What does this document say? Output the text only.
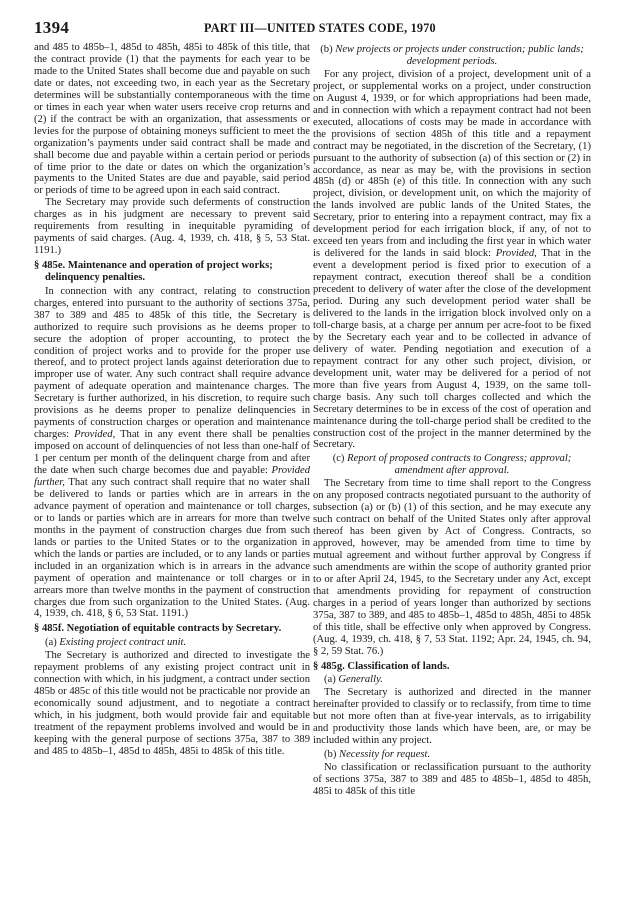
1394	PART III—UNITED STATES CODE, 1970

and 485 to 485b–1, 485d to 485h, 485i to 485k of this title, that the contract provide (1) that the payments for each year to be made to the United States shall become due and payable on such date or dates, not exceeding two, in each year as the Secretary determines will be substantially contemporaneous with the time or times in each year when water users receive crop returns and (2) if the contract be with an organization, that assessments or levies for the purpose of obtaining moneys sufficient to meet the organization’s payments under said contract shall be made and shall become due and payable within a certain period or periods of time prior to the date or dates on which the organization’s payments to the United States are due and payable, said period or periods of time to be agreed upon in each said contract.

The Secretary may provide such deferments of construction charges as in his judgment are necessary to prevent said requirements from resulting in inequitable pyramiding of payments of said charges. (Aug. 4, 1939, ch. 418, § 5, 53 Stat. 1191.)

§ 485e. Maintenance and operation of project works; delinquency penalties.

In connection with any contract, relating to construction charges, entered into pursuant to the authority of sections 375a, 387 to 389 and 485 to 485k of this title, the Secretary is authorized to require such provisions as he deems proper to secure the adoption of proper accounting, to protect the condition of project works and to provide for the proper use thereof, and to protect project lands against deterioration due to improper use of water. Any such contract shall require advance payment of adequate operation and maintenance charges. The Secretary is further authorized, in his discretion, to require such provisions as he deems proper to penalize delinquencies in payments of construction charges or operation and maintenance charges: Provided, That in any event there shall be penalties imposed on account of delinquencies of not less than one-half of 1 per centum per month of the delinquent charge from and after the date when such charge becomes due and payable: Provided further, That any such contract shall require that no water shall be delivered to lands or parties which are in arrears in the advance payment of operation and maintenance or toll charges, or to lands or parties which are in arrears for more than twelve months in the payment of construction charges due from such lands or parties to the United States or to the organization in which the lands or parties are included, or to any lands or parties included in an organization which is in arrears in the advance payment of operation and maintenance or toll charges or in arrears more than twelve months in the payment of construction charges due from such organization to the United States. (Aug. 4, 1939, ch. 418, § 6, 53 Stat. 1191.)

§ 485f. Negotiation of equitable contracts by Secretary.
(a) Existing project contract unit.

The Secretary is authorized and directed to investigate the repayment problems of any existing project contract unit in connection with which, in his judgment, a contract under section 485b or 485c of this title would not be practicable nor provide an economically sound adjustment, and to negotiate a contract which, in his judgment, both would provide fair and equitable treatment of the repayment problems involved and would be in keeping with the general purpose of sections 375a, 387 to 389 and 485 to 485b–1, 485d to 485h, 485i to 485k of this title.

(b) New projects or projects under construction; public lands; development periods.

For any project, division of a project, development unit of a project, or supplemental works on a project, under construction on August 4, 1939, or for which appropriations had been made, and in connection with which a repayment contract had not been executed, allocations of costs may be made in accordance with the provisions of section 485h of this title and a repayment contract may be negotiated, in the discretion of the Secretary, (1) pursuant to the authority of subsection (a) of this section or (2) in accordance, as near as may be, with the provisions in section 485h (d) or 485h (e) of this title. In connection with any such project, division, or development unit, on which the majority of the lands involved are public lands of the United States, the Secretary, prior to entering into a repayment contract, may fix a development period for each irrigation block, if any, of not to exceed ten years from and including the first year in which water is delivered for the lands in said block: Provided, That in the event a development period is fixed prior to execution of a repayment contract, execution thereof shall be a condition precedent to delivery of water after the close of the development period. During any such development period water shall be delivered to the lands in the irrigation block involved only on a toll-charge basis, at a charge per annum per acre-foot to be fixed by the Secretary each year and to be collected in advance of delivery of water. Pending negotiation and execution of a repayment contract for any other such project, division, or development unit, water may be delivered for a period of not more than five years from August 4, 1939, on the same toll-charge basis. Any such toll charges collected and which the Secretary determines to be in excess of the cost of operation and maintenance during the toll-charge period shall be credited to the construction cost of the project in the manner determined by the Secretary.

(c) Report of proposed contracts to Congress; approval; amendment after approval.

The Secretary from time to time shall report to the Congress on any proposed contracts negotiated pursuant to the authority of subsection (a) or (b) (1) of this section, and he may execute any such contract on behalf of the United States only after approval thereof has been given by Act of Congress. Contracts, so approved, however, may be amended from time to time by mutual agreement and without further approval by Congress if such amendments are within the scope of authority granted prior to or after April 24, 1945, to the Secretary under any Act, except that amendments providing for repayment of construction charges in a period of years longer than authorized by sections 375a, 387 to 389, and 485 to 485b–1, 485d to 485h, 485i to 485k of this title, shall be effective only when approved by Congress. (Aug. 4, 1939, ch. 418, § 7, 53 Stat. 1192; Apr. 24, 1945, ch. 94, § 2, 59 Stat. 76.)

§ 485g. Classification of lands.
(a) Generally.

The Secretary is authorized and directed in the manner hereinafter provided to classify or to reclassify, from time to time but not more often than at five-year intervals, as to irrigability and productivity those lands which have been, are, or may be included within any project.

(b) Necessity for request.

No classification or reclassification pursuant to the authority of sections 375a, 387 to 389 and 485 to 485b–1, 485d to 485h, 485i to 485k of this title
